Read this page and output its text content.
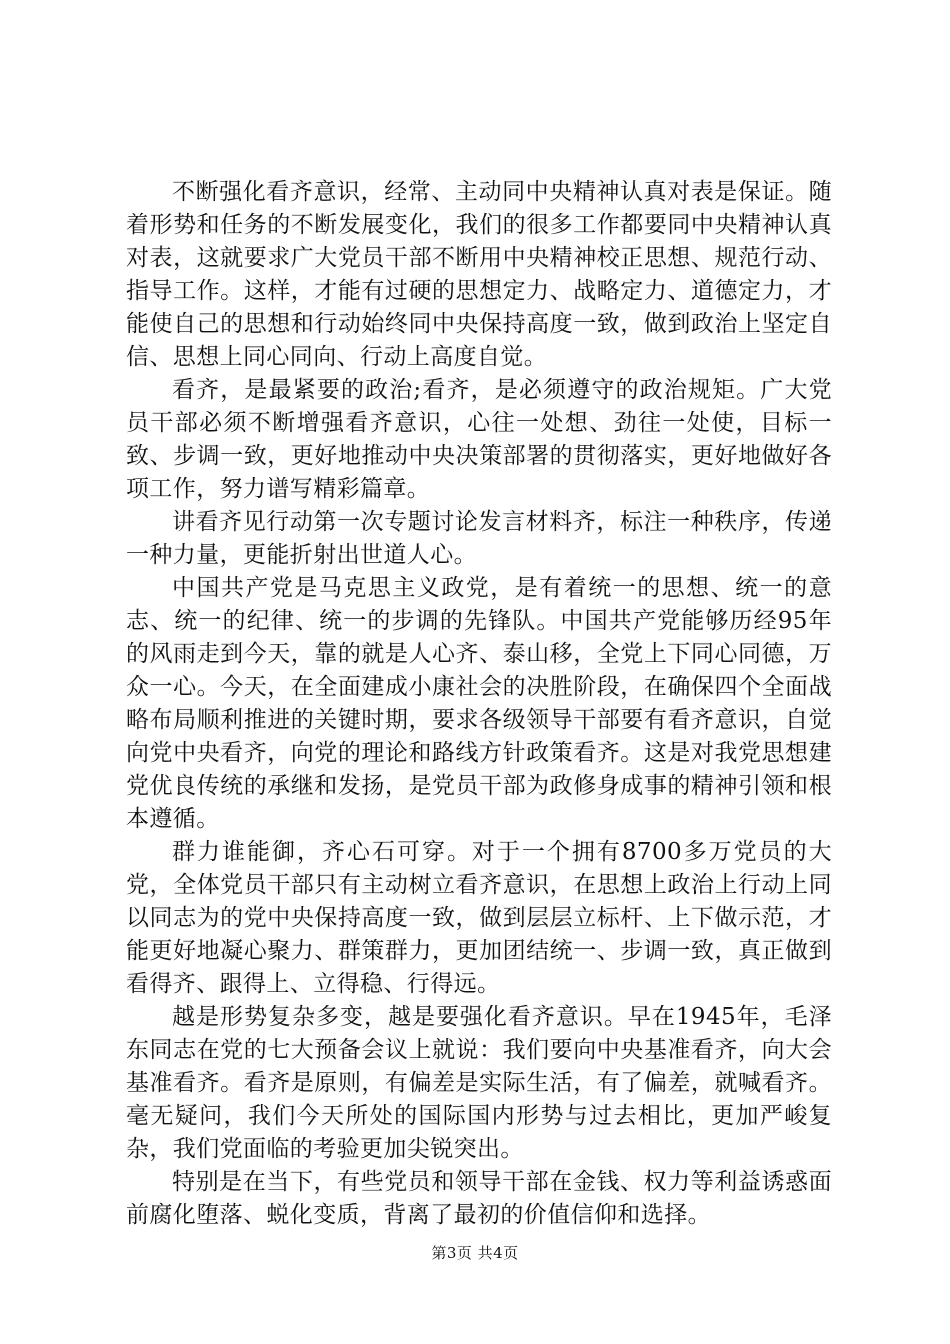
不断强化看齐意识，经常、主动同中央精神认真对表是保证。随着形势和任务的不断发展变化，我们的很多工作都要同中央精神认真对表，这就要求广大党员干部不断用中央精神校正思想、规范行动、指导工作。这样，才能有过硬的思想定力、战略定力、道德定力，才能使自己的思想和行动始终同中央保持高度一致，做到政治上坚定自信、思想上同心同向、行动上高度自觉。

看齐，是最紧要的政治;看齐，是必须遵守的政治规矩。广大党员干部必须不断增强看齐意识，心往一处想、劲往一处使，目标一致、步调一致，更好地推动中央决策部署的贯彻落实，更好地做好各项工作，努力谱写精彩篇章。

讲看齐见行动第一次专题讨论发言材料齐，标注一种秩序，传递一种力量，更能折射出世道人心。

中国共产党是马克思主义政党，是有着统一的思想、统一的意志、统一的纪律、统一的步调的先锋队。中国共产党能够历经95年的风雨走到今天，靠的就是人心齐、泰山移，全党上下同心同德，万众一心。今天，在全面建成小康社会的决胜阶段，在确保四个全面战略布局顺利推进的关键时期，要求各级领导干部要有看齐意识，自觉向党中央看齐，向党的理论和路线方针政策看齐。这是对我党思想建党优良传统的承继和发扬，是党员干部为政修身成事的精神引领和根本遵循。

群力谁能御，齐心石可穿。对于一个拥有8700多万党员的大党，全体党员干部只有主动树立看齐意识，在思想上政治上行动上同以同志为的党中央保持高度一致，做到层层立标杆、上下做示范，才能更好地凝心聚力、群策群力，更加团结统一、步调一致，真正做到看得齐、跟得上、立得稳、行得远。

越是形势复杂多变，越是要强化看齐意识。早在1945年，毛泽东同志在党的七大预备会议上就说：我们要向中央基准看齐，向大会基准看齐。看齐是原则，有偏差是实际生活，有了偏差，就喊看齐。毫无疑问，我们今天所处的国际国内形势与过去相比，更加严峻复杂，我们党面临的考验更加尖锐突出。

特别是在当下，有些党员和领导干部在金钱、权力等利益诱惑面前腐化堕落、蜕化变质，背离了最初的价值信仰和选择。

第3页 共4页
